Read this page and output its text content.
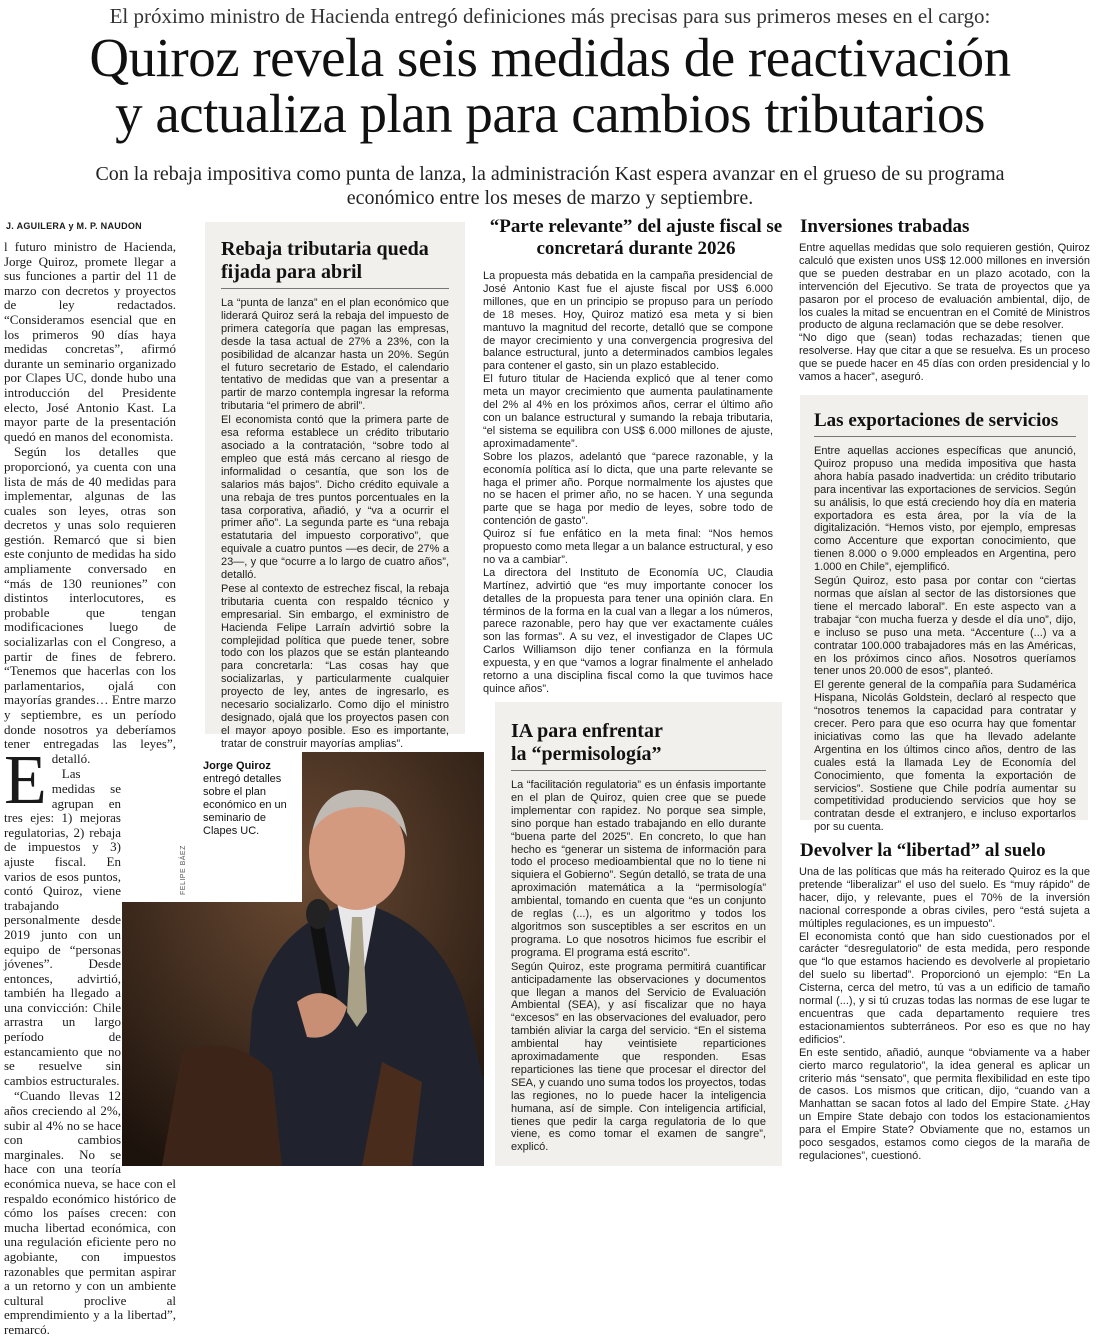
El próximo ministro de Hacienda entregó definiciones más precisas para sus primeros meses en el cargo:
Quiroz revela seis medidas de reactivación
y actualiza plan para cambios tributarios
Con la rebaja impositiva como punta de lanza, la administración Kast espera avanzar en el grueso de su programa económico entre los meses de marzo y septiembre.
J. AGUILERA y M. P. NAUDON

E
l futuro ministro de Hacienda, Jorge Quiroz, promete llegar a sus funciones a partir del 11 de marzo con decretos y proyectos de ley redactados. “Consideramos esencial que en los primeros 90 días haya medidas concretas”, afirmó durante un seminario organizado por Clapes UC, donde hubo una introducción del Presidente electo, José Antonio Kast. La mayor parte de la presentación quedó en manos del economista.

Según los detalles que proporcionó, ya cuenta con una lista de más de 40 medidas para implementar, algunas de las cuales son leyes, otras son decretos y unas solo requieren gestión. Remarcó que si bien este conjunto de medidas ha sido ampliamente conversado en “más de 130 reuniones” con distintos interlocutores, es probable que tengan modificaciones luego de socializarlas con el Congreso, a partir de fines de febrero. “Tenemos que hacerlas con los parlamentarios, ojalá con mayorías grandes… Entre marzo y septiembre, es un período donde nosotros ya deberíamos tener entregadas las leyes”, detalló.

Las medidas se agrupan en tres ejes: 1) mejoras regulatorias, 2) rebaja de impuestos y 3) ajuste fiscal. En varios de esos puntos, contó Quiroz, viene trabajando personalmente desde 2019 junto con un equipo de “personas jóvenes”. Desde entonces, advirtió, también ha llegado a una convicción: Chile arrastra un largo período de estancamiento que no se resuelve sin cambios estructurales.

“Cuando llevas 12 años creciendo al 2%, subir al 4% no se hace con cambios marginales. No se hace con una teoría económica nueva, se hace con el respaldo económico histórico de cómo los países crecen: con mucha libertad económica, con una regulación eficiente pero no agobiante, con impuestos razonables que permitan aspirar a un retorno y con un ambiente cultural proclive al emprendimiento y a la libertad”, remarcó.

Rebaja tributaria queda fijada para abril

La “punta de lanza” en el plan económico que liderará Quiroz será la rebaja del impuesto de primera categoría que pagan las empresas, desde la tasa actual de 27% a 23%, con la posibilidad de alcanzar hasta un 20%. Según el futuro secretario de Estado, el calendario tentativo de medidas que van a presentar a partir de marzo contempla ingresar la reforma tributaria “el primero de abril”.

El economista contó que la primera parte de esa reforma establece un crédito tributario asociado a la contratación, “sobre todo al empleo que está más cercano al riesgo de informalidad o cesantía, que son los de salarios más bajos”. Dicho crédito equivale a una rebaja de tres puntos porcentuales en la tasa corporativa, añadió, y “va a ocurrir el primer año”. La segunda parte es “una rebaja estatutaria del impuesto corporativo”, que equivale a cuatro puntos —es decir, de 27% a 23—, y que “ocurre a lo largo de cuatro años”, detalló.

Pese al contexto de estrechez fiscal, la rebaja tributaria cuenta con respaldo técnico y empresarial. Sin embargo, el exministro de Hacienda Felipe Larraín advirtió sobre la complejidad política que puede tener, sobre todo con los plazos que se están planteando para concretarla: “Las cosas hay que socializarlas, y particularmente cualquier proyecto de ley, antes de ingresarlo, es necesario socializarlo. Como dijo el ministro designado, ojalá que los proyectos pasen con el mayor apoyo posible. Eso es importante, tratar de construir mayorías amplias”.

Jorge Quiroz
entregó detalles sobre el plan económico en un seminario de Clapes UC.
FELIPE BÁEZ
“Parte relevante” del ajuste fiscal se concretará durante 2026

La propuesta más debatida en la campaña presidencial de José Antonio Kast fue el ajuste fiscal por US$ 6.000 millones, que en un principio se propuso para un período de 18 meses. Hoy, Quiroz matizó esa meta y si bien mantuvo la magnitud del recorte, detalló que se compone de mayor crecimiento y una convergencia progresiva del balance estructural, junto a determinados cambios legales para contener el gasto, sin un plazo establecido.

El futuro titular de Hacienda explicó que al tener como meta un mayor crecimiento que aumenta paulatinamente del 2% al 4% en los próximos años, cerrar el último año con un balance estructural y sumando la rebaja tributaria, “el sistema se equilibra con US$ 6.000 millones de ajuste, aproximadamente”.

Sobre los plazos, adelantó que “parece razonable, y la economía política así lo dicta, que una parte relevante se haga el primer año. Porque normalmente los ajustes que no se hacen el primer año, no se hacen. Y una segunda parte que se haga por medio de leyes, sobre todo de contención de gasto”.

Quiroz sí fue enfático en la meta final: “Nos hemos propuesto como meta llegar a un balance estructural, y eso no va a cambiar”.

La directora del Instituto de Economía UC, Claudia Martínez, advirtió que “es muy importante conocer los detalles de la propuesta para tener una opinión clara. En términos de la forma en la cual van a llegar a los números, parece razonable, pero hay que ver exactamente cuáles son las formas”. A su vez, el investigador de Clapes UC Carlos Williamson dijo tener confianza en la fórmula expuesta, y en que “vamos a lograr finalmente el anhelado retorno a una disciplina fiscal como la que tuvimos hace quince años”.

IA para enfrentar la “permisología”

La “facilitación regulatoria” es un énfasis importante en el plan de Quiroz, quien cree que se puede implementar con rapidez. No porque sea simple, sino porque han estado trabajando en ello durante “buena parte del 2025”. En concreto, lo que han hecho es “generar un sistema de información para todo el proceso medioambiental que no lo tiene ni siquiera el Gobierno”. Según detalló, se trata de una aproximación matemática a la “permisología” ambiental, tomando en cuenta que “es un conjunto de reglas (...), es un algoritmo y todos los algoritmos son susceptibles a ser escritos en un programa. Lo que nosotros hicimos fue escribir el programa. El programa está escrito”.

Según Quiroz, este programa permitirá cuantificar anticipadamente las observaciones y documentos que llegan a manos del Servicio de Evaluación Ambiental (SEA), y así fiscalizar que no haya “excesos” en las observaciones del evaluador, pero también aliviar la carga del servicio. “En el sistema ambiental hay veintisiete reparticiones aproximadamente que responden. Esas reparticiones las tiene que procesar el director del SEA, y cuando uno suma todos los proyectos, todas las regiones, no lo puede hacer la inteligencia humana, así de simple. Con inteligencia artificial, tienes que pedir la carga regulatoria de lo que viene, es como tomar el examen de sangre”, explicó.

Inversiones trabadas

Entre aquellas medidas que solo requieren gestión, Quiroz calculó que existen unos US$ 12.000 millones en inversión que se pueden destrabar en un plazo acotado, con la intervención del Ejecutivo. Se trata de proyectos que ya pasaron por el proceso de evaluación ambiental, dijo, de los cuales la mitad se encuentran en el Comité de Ministros producto de alguna reclamación que se debe resolver.

“No digo que (sean) todas rechazadas; tienen que resolverse. Hay que citar a que se resuelva. Es un proceso que se puede hacer en 45 días con orden presidencial y lo vamos a hacer”, aseguró.

Las exportaciones de servicios

Entre aquellas acciones específicas que anunció, Quiroz propuso una medida impositiva que hasta ahora había pasado inadvertida: un crédito tributario para incentivar las exportaciones de servicios. Según su análisis, lo que está creciendo hoy día en materia exportadora es esta área, por la vía de la digitalización. “Hemos visto, por ejemplo, empresas como Accenture que exportan conocimiento, que tienen 8.000 o 9.000 empleados en Argentina, pero 1.000 en Chile”, ejemplificó.

Según Quiroz, esto pasa por contar con “ciertas normas que aíslan al sector de las distorsiones que tiene el mercado laboral”. En este aspecto van a trabajar “con mucha fuerza y desde el día uno”, dijo, e incluso se puso una meta. “Accenture (...) va a contratar 100.000 trabajadores más en las Américas, en los próximos cinco años. Nosotros queríamos tener unos 20.000 de esos”, planteó.

El gerente general de la compañía para Sudamérica Hispana, Nicolás Goldstein, declaró al respecto que “nosotros tenemos la capacidad para contratar y crecer. Pero para que eso ocurra hay que fomentar iniciativas como las que ha llevado adelante Argentina en los últimos cinco años, dentro de las cuales está la llamada Ley de Economía del Conocimiento, que fomenta la exportación de servicios”. Sostiene que Chile podría aumentar su competitividad produciendo servicios que hoy se contratan desde el extranjero, e incluso exportarlos por su cuenta.

Devolver la “libertad” al suelo

Una de las políticas que más ha reiterado Quiroz es la que pretende “liberalizar” el uso del suelo. Es “muy rápido” de hacer, dijo, y relevante, pues el 70% de la inversión nacional corresponde a obras civiles, pero “está sujeta a múltiples regulaciones, es un impuesto”.

El economista contó que han sido cuestionados por el carácter “desregulatorio” de esta medida, pero responde que “lo que estamos haciendo es devolverle al propietario del suelo su libertad”. Proporcionó un ejemplo: “En La Cisterna, cerca del metro, tú vas a un edificio de tamaño normal (...), y si tú cruzas todas las normas de ese lugar te encuentras que cada departamento requiere tres estacionamientos subterráneos. Por eso es que no hay edificios”.

En este sentido, añadió, aunque “obviamente va a haber cierto marco regulatorio”, la idea general es aplicar un criterio más “sensato”, que permita flexibilidad en este tipo de casos. Los mismos que critican, dijo, “cuando van a Manhattan se sacan fotos al lado del Empire State. ¿Hay un Empire State debajo con todos los estacionamientos para el Empire State? Obviamente que no, estamos un poco sesgados, estamos como ciegos de la maraña de regulaciones”, cuestionó.
